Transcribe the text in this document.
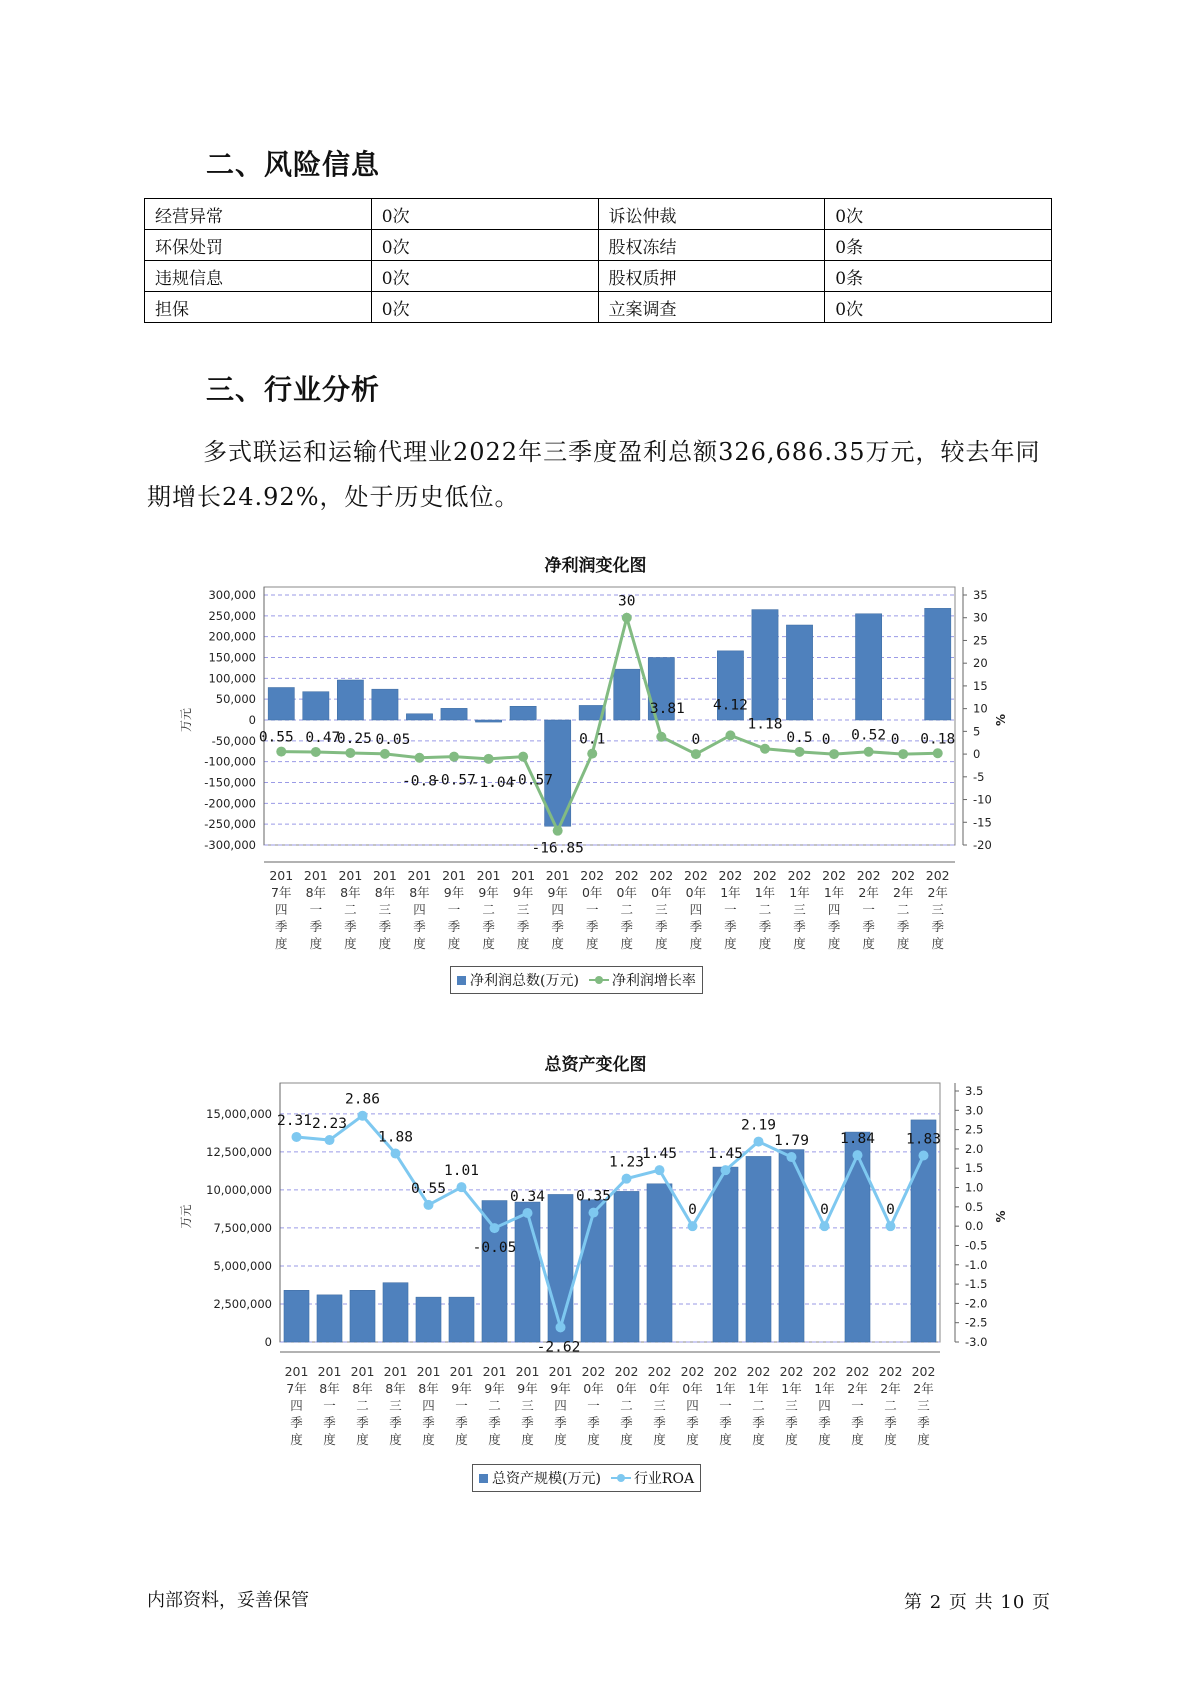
二、风险信息
经营异常	0次	诉讼仲裁	0次
环保处罚	0次	股权冻结	0条
违规信息	0次	股权质押	0条
担保	0次	立案调查	0次
三、行业分析

多式联运和运输代理业2022年三季度盈利总额326,686.35万元，较去年同期增长24.92%，处于历史低位。

净利润变化图
300,000
250,000
200,000
150,000
100,000
50,000
0
-50,000
-100,000
-150,000
-200,000
-250,000
-300,000
35
30
25
20
15
10
5
0
-5
-10
-15
-20
万元	%
0.55 0.47
0.25 0.05
-0.8
-0.57
-1.04
-0.57
-16.85
0.1
30
3.81
0
4.12
1.18
0.5 0 0.52 0 0.18
201 7年四季度
201 8年一季度
201 8年二季度
201 8年三季度
201 8年四季度
201 9年一季度
201 9年二季度
201 9年三季度
201 9年四季度
202 0年一季度
202 0年二季度
202 0年三季度
202 0年四季度
202 1年一季度
202 1年二季度
202 1年三季度
202 1年四季度
202 2年一季度
202 2年二季度
202 2年三季度
净利润总数(万元) 净利润增长率
总资产变化图
15,000,000
12,500,000
10,000,000
7,500,000
5,000,000
2,500,000
0
3.5
3.0
2.5
2.0
1.5
1.0
0.5
0.0
-0.5
-1.0
-1.5
-2.0
-2.5
-3.0
万元	%
2.31 2.23
2.86
1.88
0.55
1.01
-0.05
0.34
-2.62
0.35
1.23
1.45
0
1.45
2.19
1.79
0
1.84
0
1.83
201 7年四季度
201 8年一季度
201 8年二季度
201 8年三季度
201 8年四季度
201 9年一季度
201 9年二季度
201 9年三季度
201 9年四季度
202 0年一季度
202 0年二季度
202 0年三季度
202 0年四季度
202 1年一季度
202 1年二季度
202 1年三季度
202 1年四季度
202 2年一季度
202 2年二季度
202 2年三季度
总资产规模(万元) 行业ROA
内部资料，妥善保管	第 2 页 共 10 页
